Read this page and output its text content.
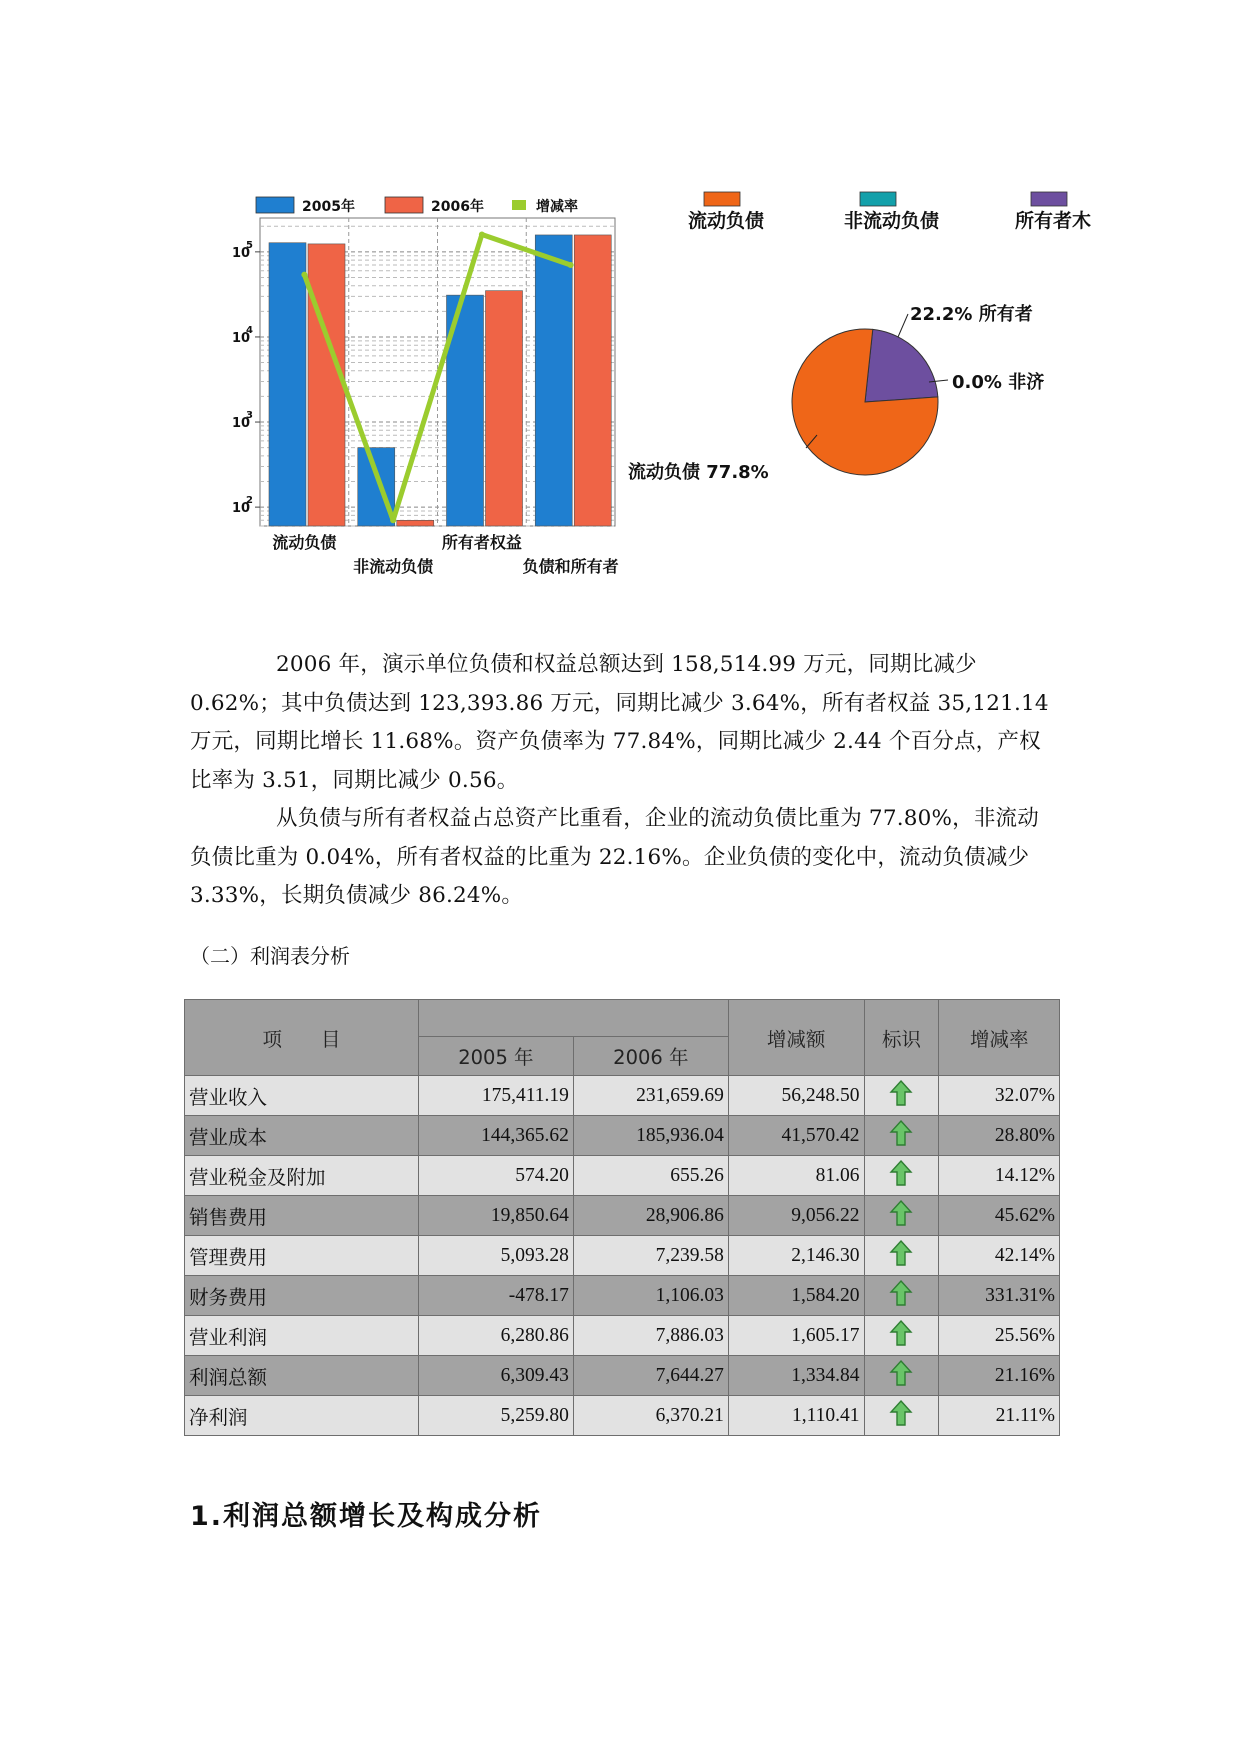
10
2
10
3
10
4
10
5
流动负债
非流动负债
所有者权益
负债和所有者
2005年	2006年	增减率
流动负债	非流动负债	所有者木
流动负债 77.8%
0.0% 非济
22.2% 所有者

2006 年，演示单位负债和权益总额达到 158,514.99 万元，同期比减少 0.62%；其中负债达到 123,393.86 万元，同期比减少 3.64%，所有者权益 35,121.14 万元，同期比增长 11.68%。资产负债率为 77.84%，同期比减少 2.44 个百分点，产权比率为 3.51，同期比减少 0.56。

从负债与所有者权益占总资产比重看，企业的流动负债比重为 77.80%，非流动负债比重为 0.04%，所有者权益的比重为 22.16%。企业负债的变化中，流动负债减少 3.33%，长期负债减少 86.24%。

（二）利润表分析
项　　目			增减额	标识	增减率
	2005 年	2006 年			
营业收入	175,411.19	231,659.69	56,248.50		32.07%
营业成本	144,365.62	185,936.04	41,570.42		28.80%
营业税金及附加	574.20	655.26	81.06		14.12%
销售费用	19,850.64	28,906.86	9,056.22		45.62%
管理费用	5,093.28	7,239.58	2,146.30		42.14%
财务费用	-478.17	1,106.03	1,584.20		331.31%
营业利润	6,280.86	7,886.03	1,605.17		25.56%
利润总额	6,309.43	7,644.27	1,334.84		21.16%
净利润	5,259.80	6,370.21	1,110.41		21.11%
1.利润总额增长及构成分析
